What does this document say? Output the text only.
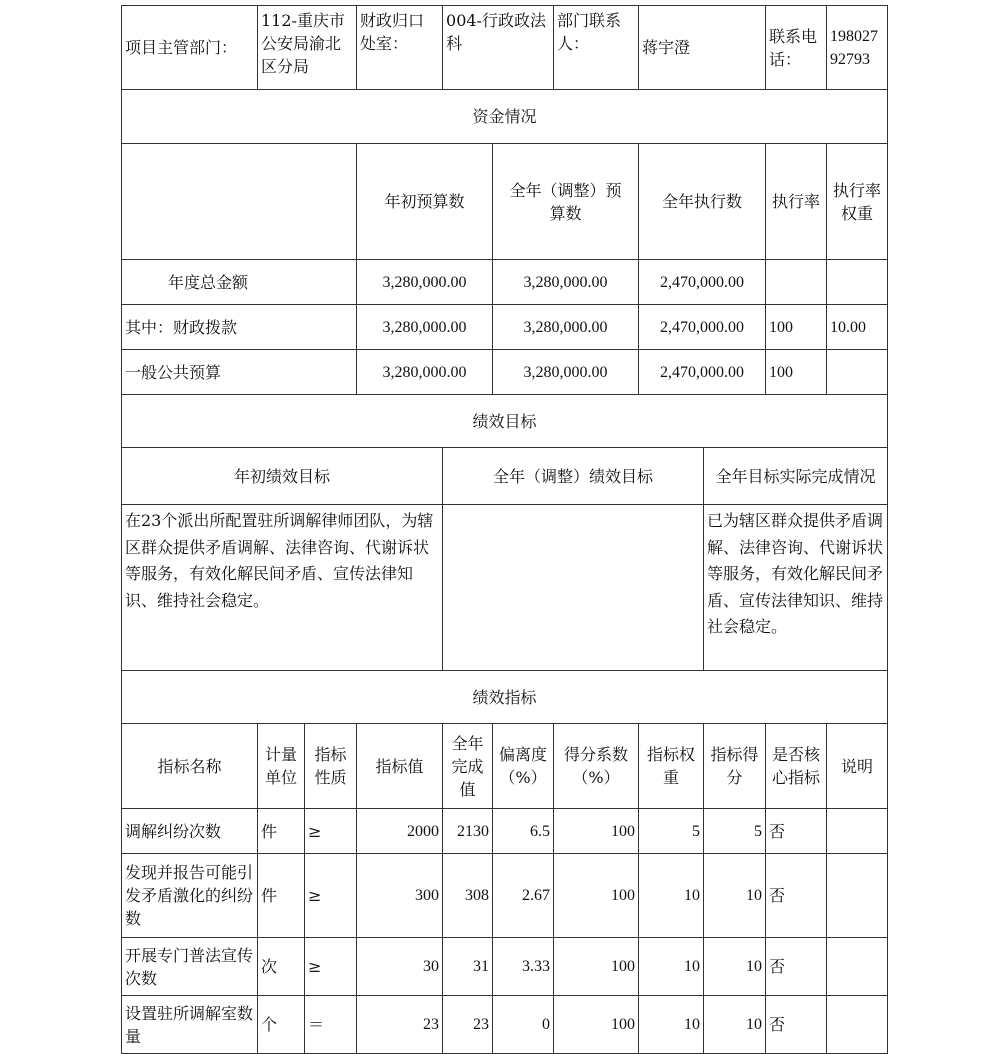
项目主管部门：	112-重庆市公安局渝北区分局		财政归口处室：	004-行政政法科		部门联系人：	蒋宇澄		联系电话：	19802792793	
资金情况											
			年初预算数		全年（调整）预算数		全年执行数		执行率	执行率权重	
年度总金额			3,280,000.00		3,280,000.00		2,470,000.00				
其中：财政拨款			3,280,000.00		3,280,000.00		2,470,000.00		100	10.00	
一般公共预算			3,280,000.00		3,280,000.00		2,470,000.00		100		
绩效目标											
年初绩效目标				全年（调整）绩效目标				全年目标实际完成情况			
在23个派出所配置驻所调解律师团队，为辖区群众提供矛盾调解、法律咨询、代谢诉状等服务，有效化解民间矛盾、宣传法律知识、维持社会稳定。								已为辖区群众提供矛盾调解、法律咨询、代谢诉状等服务，有效化解民间矛盾、宣传法律知识、维持社会稳定。			
绩效指标											
指标名称	计量单位	指标性质	指标值	全年完成值	偏离度（%）	得分系数（%）	指标权重	指标得分	是否核心指标	说明	
调解纠纷次数	件	≥	2000	2130	6.5	100	5	5	否		
发现并报告可能引发矛盾激化的纠纷数	件	≥	300	308	2.67	100	10	10	否		
开展专门普法宣传次数	次	≥	30	31	3.33	100	10	10	否		
设置驻所调解室数量	个	＝	23	23	0	100	10	10	否		
